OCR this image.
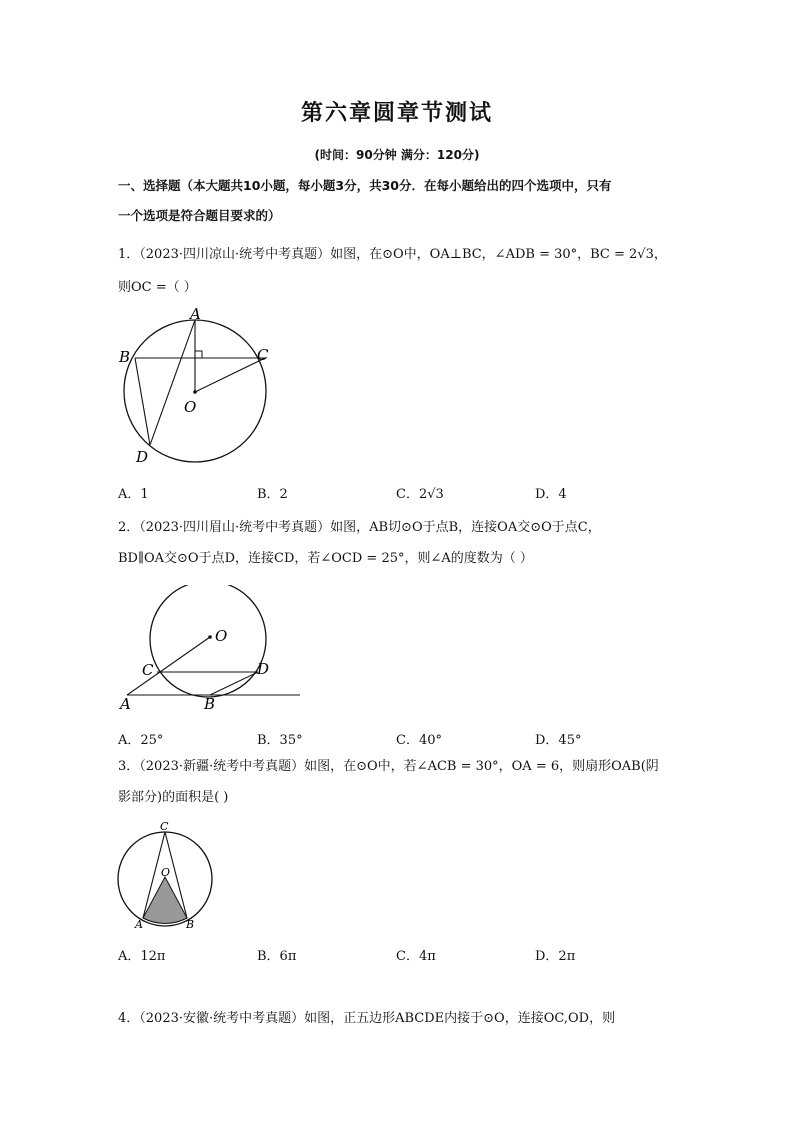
第六章圆章节测试
(时间：90分钟 满分：120分)
一、选择题（本大题共10小题，每小题3分，共30分．在每小题给出的四个选项中，只有
一个选项是符合题目要求的）
1．（2023·四川凉山·统考中考真题）如图，在⊙O中，OA⊥BC，∠ADB = 30°，BC = 2√3，
则OC =（ ）
A
B	C
O
D
A．1	B．2	C．2√3	D．4
2．（2023·四川眉山·统考中考真题）如图，AB切⊙O于点B，连接OA交⊙O于点C，
BD∥OA交⊙O于点D，连接CD，若∠OCD = 25°，则∠A的度数为（ ）
O
C	D
A	B
A．25°	B．35°	C．40°	D．45°
3．（2023·新疆·统考中考真题）如图，在⊙O中，若∠ACB = 30°，OA = 6，则扇形OAB(阴
影部分)的面积是( )
C
O
A	B
A．12π	B．6π	C．4π	D．2π
4．（2023·安徽·统考中考真题）如图，正五边形ABCDE内接于⊙O，连接OC,OD，则
